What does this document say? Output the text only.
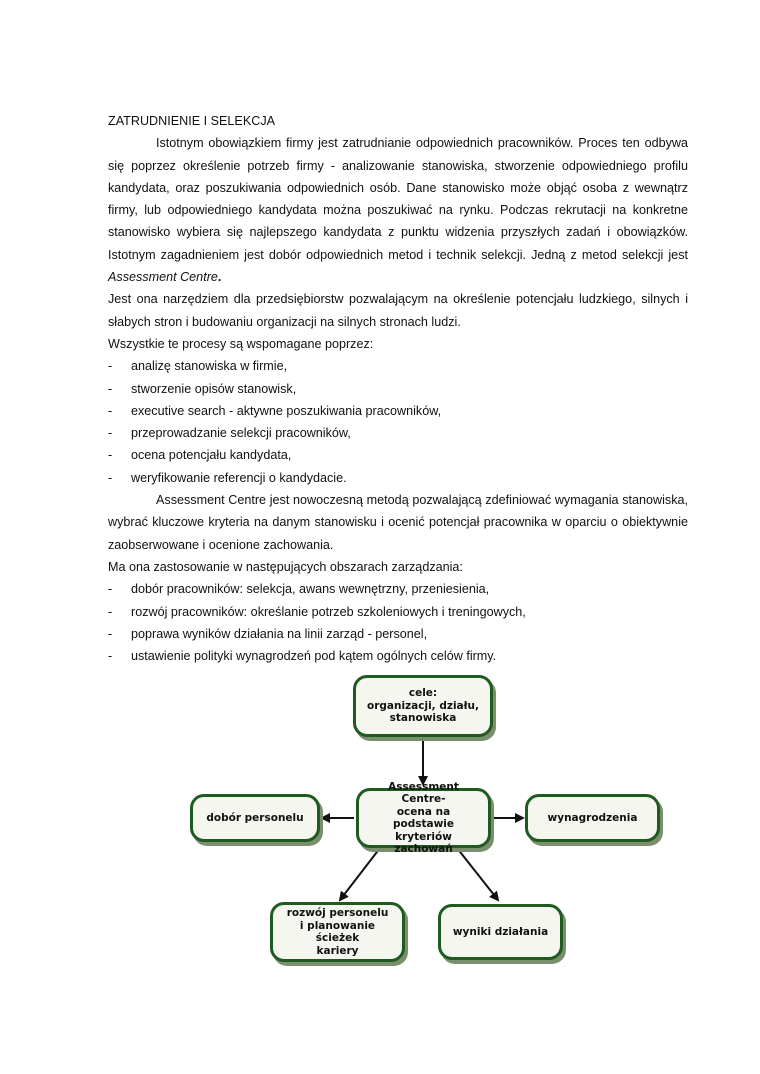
ZATRUDNIENIE I SELEKCJA

Istotnym obowiązkiem firmy jest zatrudnianie odpowiednich pracowników. Proces ten odbywa się poprzez określenie potrzeb firmy - analizowanie stanowiska, stworzenie odpowiedniego profilu kandydata, oraz poszukiwania odpowiednich osób. Dane stanowisko może objąć osoba z wewnątrz firmy, lub odpowiedniego kandydata można poszukiwać na rynku. Podczas rekrutacji na konkretne stanowisko wybiera się najlepszego kandydata z punktu widzenia przyszłych zadań i obowiązków. Istotnym zagadnieniem jest dobór odpowiednich metod i technik selekcji. Jedną z metod selekcji jest Assessment Centre.

Jest ona narzędziem dla przedsiębiorstw pozwalającym na określenie potencjału ludzkiego, silnych i słabych stron i budowaniu organizacji na silnych stronach ludzi.

Wszystkie te procesy są wspomagane poprzez:

- analizę stanowiska w firmie,
- stworzenie opisów stanowisk,
- executive search - aktywne poszukiwania pracowników,
- przeprowadzanie selekcji pracowników,
- ocena potencjału kandydata,
- weryfikowanie referencji o kandydacie.

Assessment Centre jest nowoczesną metodą pozwalającą zdefiniować wymagania stanowiska, wybrać kluczowe kryteria na danym stanowisku i ocenić potencjał pracownika w oparciu o obiektywnie zaobserwowane i ocenione zachowania.

Ma ona zastosowanie w następujących obszarach zarządzania:

- dobór pracowników: selekcja, awans wewnętrzny, przeniesienia,
- rozwój pracowników: określanie potrzeb szkoleniowych i treningowych,
- poprawa wyników działania na linii zarząd - personel,
- ustawienie polityki wynagrodzeń pod kątem ogólnych celów firmy.
cele:
organizacji, działu,
stanowiska
Assessment Centre-
ocena na podstawie
kryteriów zachowań
dobór personelu	wynagrodzenia
rozwój personelu
i planowanie ścieżek
kariery
wyniki działania
